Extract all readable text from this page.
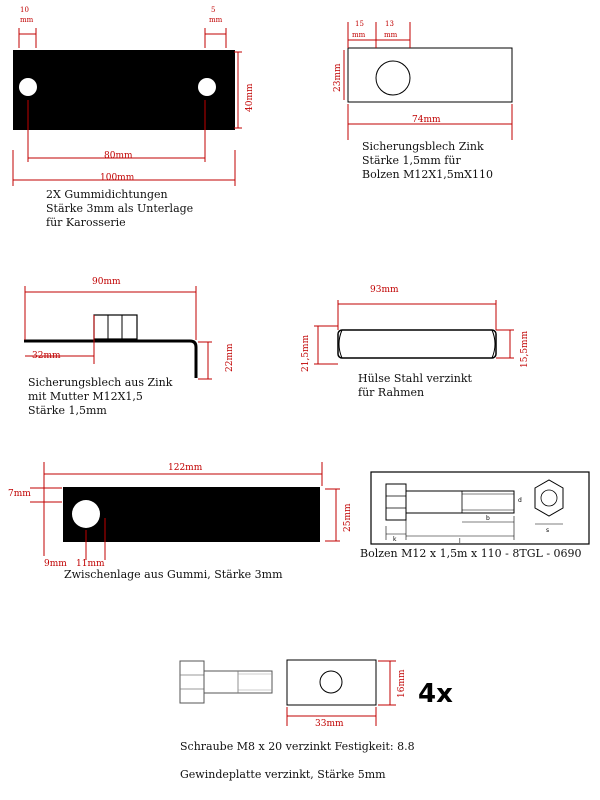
10
mm
5
mm
40mm
80mm
100mm
15
mm
13
mm
23mm
74mm
90mm
32mm	22mm
93mm
21,5mm	15,5mm
122mm
7mm
25mm
9mm 11mm
k	l
b
d
s
33mm
16mm 4x
2X Gummidichtungen
Stärke 3mm als Unterlage
für Karosserie
Sicherungsblech Zink
Stärke 1,5mm für
Bolzen M12X1,5mX110
Sicherungsblech aus Zink
mit Mutter M12X1,5
Stärke 1,5mm
Hülse Stahl verzinkt
für Rahmen
Zwischenlage aus Gummi, Stärke 3mm
Bolzen M12 x 1,5m x 110 - 8TGL - 0690
Schraube M8 x 20 verzinkt Festigkeit: 8.8
Gewindeplatte verzinkt, Stärke 5mm
